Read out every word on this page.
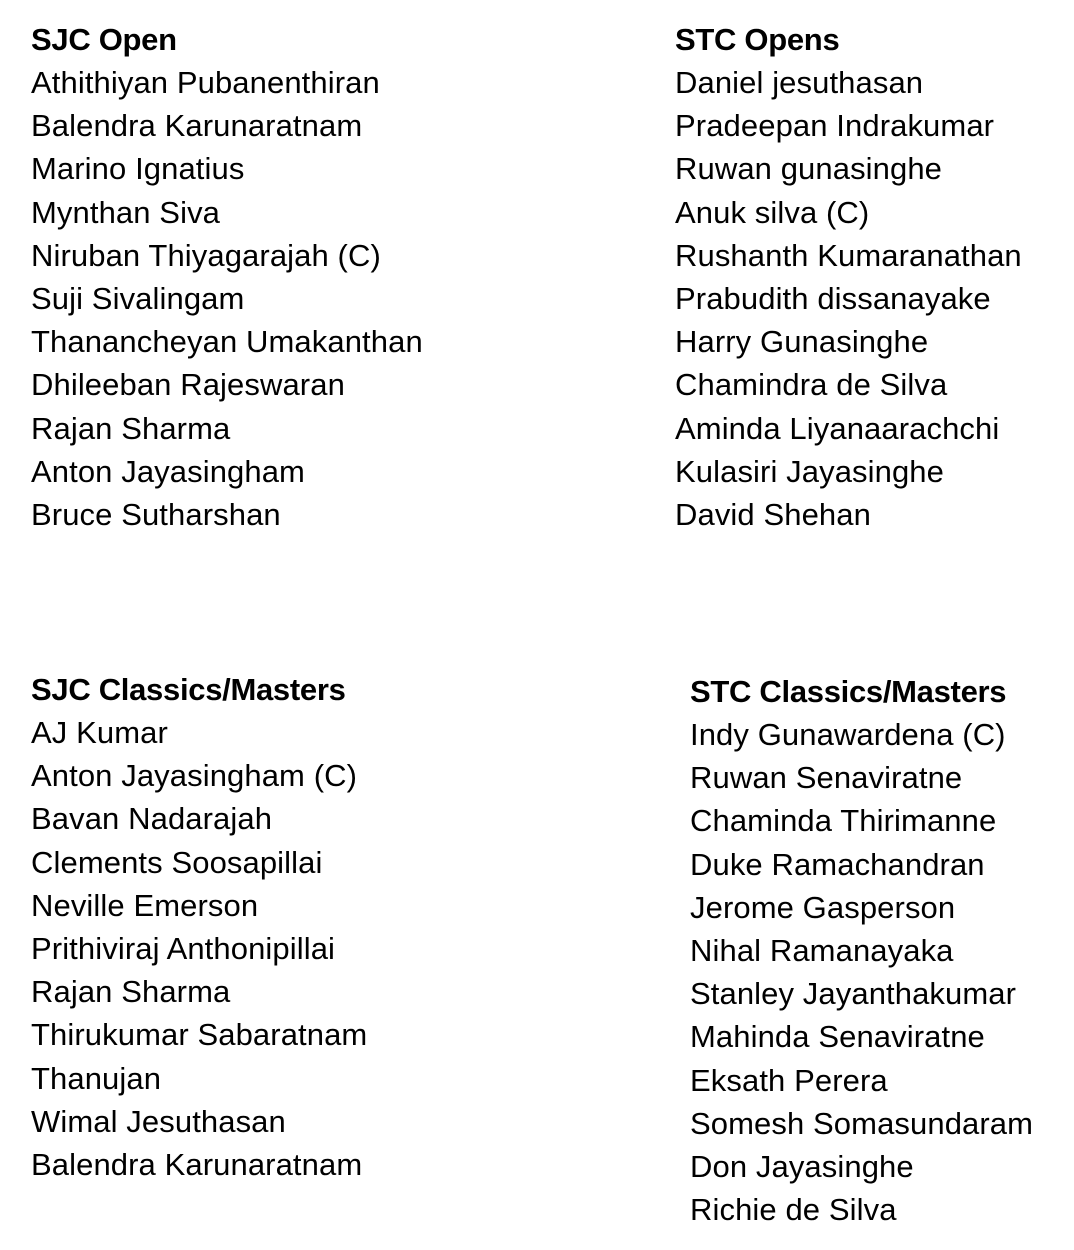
SJC Open
Athithiyan Pubanenthiran
Balendra Karunaratnam
Marino Ignatius
Mynthan Siva
Niruban Thiyagarajah (C)
Suji Sivalingam
Thanancheyan Umakanthan
Dhileeban Rajeswaran
Rajan Sharma
Anton Jayasingham
Bruce Sutharshan
STC Opens
Daniel jesuthasan
Pradeepan Indrakumar
Ruwan gunasinghe
Anuk silva (C)
Rushanth Kumaranathan
Prabudith dissanayake
Harry Gunasinghe
Chamindra de Silva
Aminda Liyanaarachchi
Kulasiri Jayasinghe
David Shehan
SJC Classics/Masters
AJ Kumar
Anton Jayasingham (C)
Bavan Nadarajah
Clements Soosapillai
Neville Emerson
Prithiviraj Anthonipillai
Rajan Sharma
Thirukumar Sabaratnam
Thanujan
Wimal Jesuthasan
Balendra Karunaratnam
STC Classics/Masters
Indy Gunawardena (C)
Ruwan Senaviratne
Chaminda Thirimanne
Duke Ramachandran
Jerome Gasperson
Nihal Ramanayaka
Stanley Jayanthakumar
Mahinda Senaviratne
Eksath Perera
Somesh Somasundaram
Don Jayasinghe
Richie de Silva
